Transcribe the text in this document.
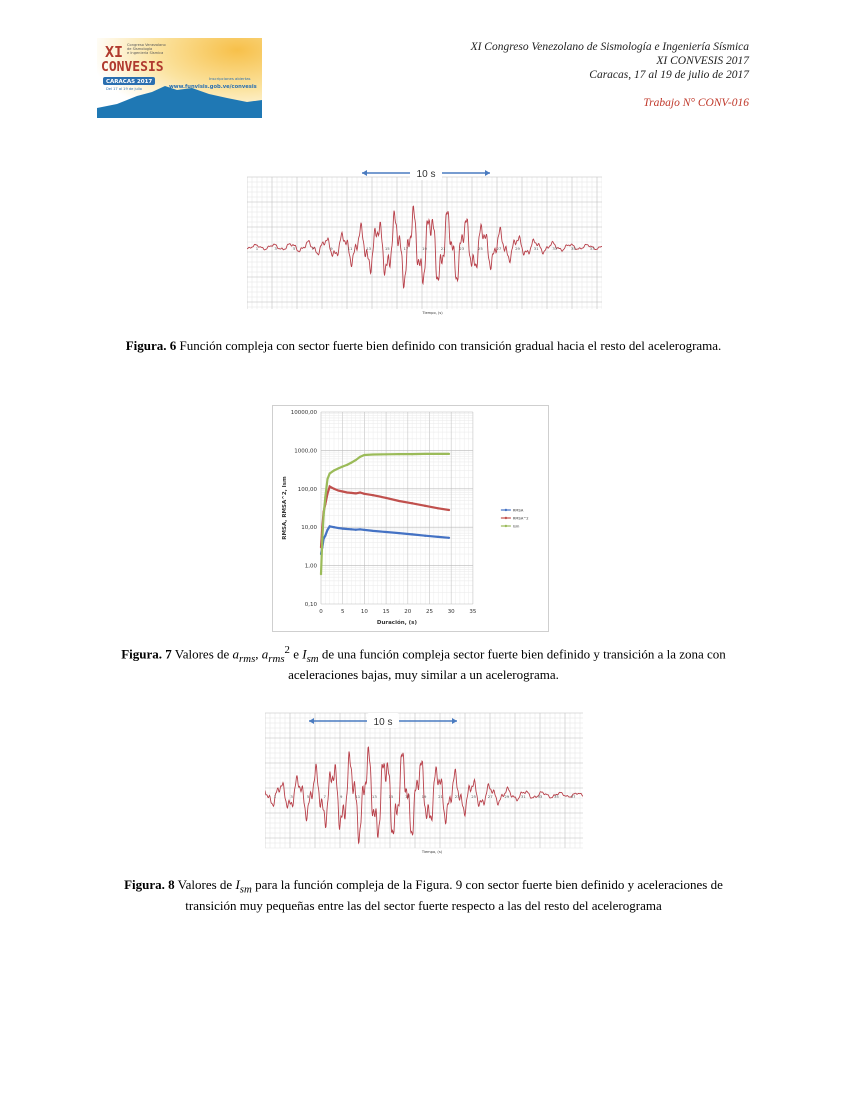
XI
CONVESIS
Congreso Venezolano
de Sismología
e Ingeniería Sísmica
CARACAS 2017
Del 17 al 19 de julio
Inscripciones abiertas
www.funvisis.gob.ve/convesis
XI Congreso Venezolano de Sismología e Ingeniería Sísmica
XI CONVESIS 2017
Caracas, 17 al 19 de julio de 2017
Trabajo N° CONV-016
1	3	5	7	9	11	13	15	17	19	21	23	25	27	29	31	33	35	37
Tiempo, (s)
10 s
Figura. 6 Función compleja con sector fuerte bien definido con transición gradual hacia el resto del acelerograma.
0,10
1,00
10,00
100,00
1000,00
10000,00
0	5	10	15	20	25	30	35
Duración, (s)
RMSA, RMSA^2, Ism	RMSA
RMSA^2
Ism
Figura. 7 Valores de $a_{rms}$, $a_{rms}^2$ e $I_{sm}$ de una función compleja sector fuerte bien definido y transición a la zona con aceleraciones bajas, muy similar a un acelerograma.
1	3	5	7	9	11	13	15	17	19	21	23	25	27	29	31	33	35	37
Tiempo, (s)
10 s
Figura. 8 Valores de $I_{sm}$ para la función compleja de la Figura. 9 con sector fuerte bien definido y aceleraciones de transición muy pequeñas entre las del sector fuerte respecto a las del resto del acelerograma
